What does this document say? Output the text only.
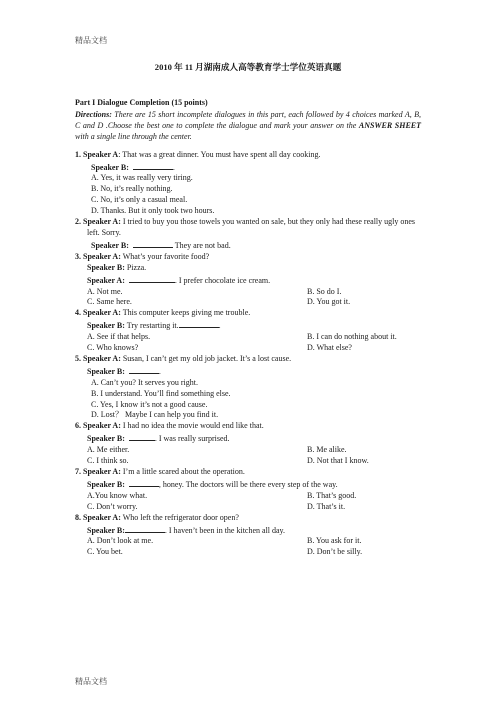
精品文档
2010 年 11 月湖南成人高等教育学士学位英语真题
Part I Dialogue Completion (15 points)
Directions: There are 15 short incomplete dialogues in this part, each followed by 4 choices marked A, B, C and D .Choose the best one to complete the dialogue and mark your answer on the ANSWER SHEET with a single line through the center.
1. Speaker A: That was a great dinner. You must have spent all day cooking.
Speaker B:	.
A. Yes, it was really very tiring.
B. No, it’s really nothing.
C. No, it’s only a casual meal.
D. Thanks. But it only took two hours.
2. Speaker A: I tried to buy you those towels you wanted on sale, but they only had these really ugly ones left. Sorry.
Speaker B:	They are not bad.
3. Speaker A: What’s your favorite food?
Speaker B: Pizza.
Speaker A:	. I prefer chocolate ice cream.
A. Not me.	B. So do I.
C. Same here.	D. You got it.
4. Speaker A: This computer keeps giving me trouble.
Speaker B: Try restarting it.	.
A. See if that helps.	B. I can do nothing about it.
C. Who knows?	D. What else?
5. Speaker A: Susan, I can’t get my old job jacket. It’s a lost cause.
Speaker B:	.
A. Can’t you? It serves you right.
B. I understand. You’ll find something else.
C. Yes, I know it’s not a good cause.
D. Lost？ Maybe I can help you find it.
6. Speaker A: I had no idea the movie would end like that.
Speaker B:	. I was really surprised.
A. Me either.	B. Me alike.
C. I think so.	D. Not that I know.
7. Speaker A: I’m a little scared about the operation.
Speaker B:	, honey. The doctors will be there every step of the way.
A.You know what.	B. That’s good.
C. Don’t worry.	D. That’s it.
8. Speaker A: Who left the refrigerator door open?
Speaker B:	. I haven’t been in the kitchen all day.
A. Don’t look at me.	B. You ask for it.
C. You bet.	D. Don’t be silly.
精品文档
